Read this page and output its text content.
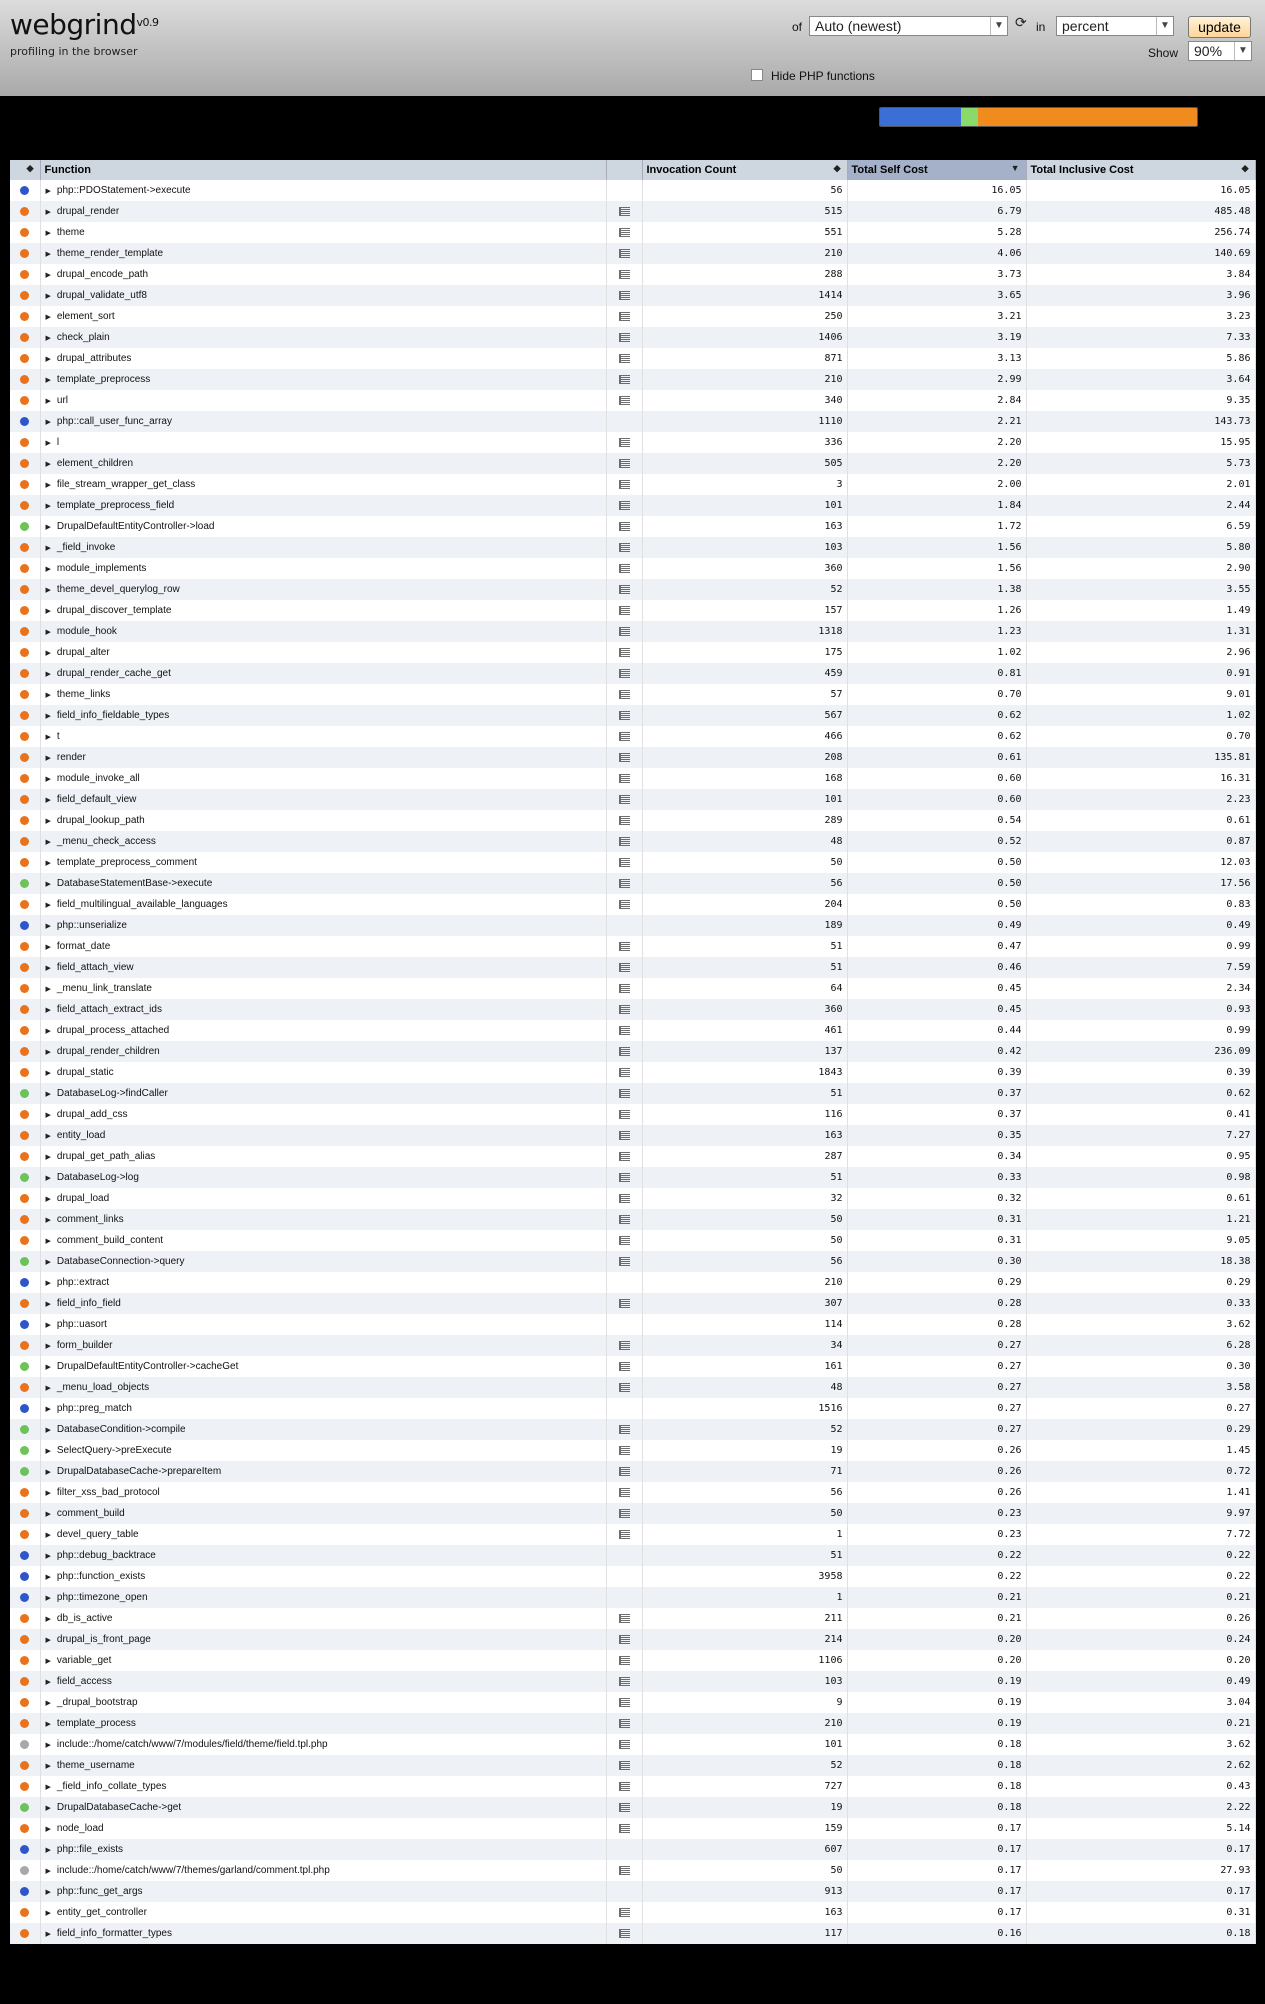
webgrind$^{v0.9}$
profiling in the browser
of Auto (newest)	▼ ⟳ in	percent	▼	update
Show	90%	▼
Hide PHP functions
◆	Function		Invocation Count ◆	Total Self Cost ▼	Total Inclusive Cost ◆

	▶ php::PDOStatement->execute		56	16.05	16.05
	▶ drupal_render		515	6.79	485.48
	▶ theme		551	5.28	256.74
	▶ theme_render_template		210	4.06	140.69
	▶ drupal_encode_path		288	3.73	3.84
	▶ drupal_validate_utf8		1414	3.65	3.96
	▶ element_sort		250	3.21	3.23
	▶ check_plain		1406	3.19	7.33
	▶ drupal_attributes		871	3.13	5.86
	▶ template_preprocess		210	2.99	3.64
	▶ url		340	2.84	9.35
	▶ php::call_user_func_array		1110	2.21	143.73
	▶ l		336	2.20	15.95
	▶ element_children		505	2.20	5.73
	▶ file_stream_wrapper_get_class		3	2.00	2.01
	▶ template_preprocess_field		101	1.84	2.44
	▶ DrupalDefaultEntityController->load		163	1.72	6.59
	▶ _field_invoke		103	1.56	5.80
	▶ module_implements		360	1.56	2.90
	▶ theme_devel_querylog_row		52	1.38	3.55
	▶ drupal_discover_template		157	1.26	1.49
	▶ module_hook		1318	1.23	1.31
	▶ drupal_alter		175	1.02	2.96
	▶ drupal_render_cache_get		459	0.81	0.91
	▶ theme_links		57	0.70	9.01
	▶ field_info_fieldable_types		567	0.62	1.02
	▶ t		466	0.62	0.70
	▶ render		208	0.61	135.81
	▶ module_invoke_all		168	0.60	16.31
	▶ field_default_view		101	0.60	2.23
	▶ drupal_lookup_path		289	0.54	0.61
	▶ _menu_check_access		48	0.52	0.87
	▶ template_preprocess_comment		50	0.50	12.03
	▶ DatabaseStatementBase->execute		56	0.50	17.56
	▶ field_multilingual_available_languages		204	0.50	0.83
	▶ php::unserialize		189	0.49	0.49
	▶ format_date		51	0.47	0.99
	▶ field_attach_view		51	0.46	7.59
	▶ _menu_link_translate		64	0.45	2.34
	▶ field_attach_extract_ids		360	0.45	0.93
	▶ drupal_process_attached		461	0.44	0.99
	▶ drupal_render_children		137	0.42	236.09
	▶ drupal_static		1843	0.39	0.39
	▶ DatabaseLog->findCaller		51	0.37	0.62
	▶ drupal_add_css		116	0.37	0.41
	▶ entity_load		163	0.35	7.27
	▶ drupal_get_path_alias		287	0.34	0.95
	▶ DatabaseLog->log		51	0.33	0.98
	▶ drupal_load		32	0.32	0.61
	▶ comment_links		50	0.31	1.21
	▶ comment_build_content		50	0.31	9.05
	▶ DatabaseConnection->query		56	0.30	18.38
	▶ php::extract		210	0.29	0.29
	▶ field_info_field		307	0.28	0.33
	▶ php::uasort		114	0.28	3.62
	▶ form_builder		34	0.27	6.28
	▶ DrupalDefaultEntityController->cacheGet		161	0.27	0.30
	▶ _menu_load_objects		48	0.27	3.58
	▶ php::preg_match		1516	0.27	0.27
	▶ DatabaseCondition->compile		52	0.27	0.29
	▶ SelectQuery->preExecute		19	0.26	1.45
	▶ DrupalDatabaseCache->prepareItem		71	0.26	0.72
	▶ filter_xss_bad_protocol		56	0.26	1.41
	▶ comment_build		50	0.23	9.97
	▶ devel_query_table		1	0.23	7.72
	▶ php::debug_backtrace		51	0.22	0.22
	▶ php::function_exists		3958	0.22	0.22
	▶ php::timezone_open		1	0.21	0.21
	▶ db_is_active		211	0.21	0.26
	▶ drupal_is_front_page		214	0.20	0.24
	▶ variable_get		1106	0.20	0.20
	▶ field_access		103	0.19	0.49
	▶ _drupal_bootstrap		9	0.19	3.04
	▶ template_process		210	0.19	0.21
	▶ include::/home/catch/www/7/modules/field/theme/field.tpl.php		101	0.18	3.62
	▶ theme_username		52	0.18	2.62
	▶ _field_info_collate_types		727	0.18	0.43
	▶ DrupalDatabaseCache->get		19	0.18	2.22
	▶ node_load		159	0.17	5.14
	▶ php::file_exists		607	0.17	0.17
	▶ include::/home/catch/www/7/themes/garland/comment.tpl.php		50	0.17	27.93
	▶ php::func_get_args		913	0.17	0.17
	▶ entity_get_controller		163	0.17	0.31
	▶ field_info_formatter_types		117	0.16	0.18
